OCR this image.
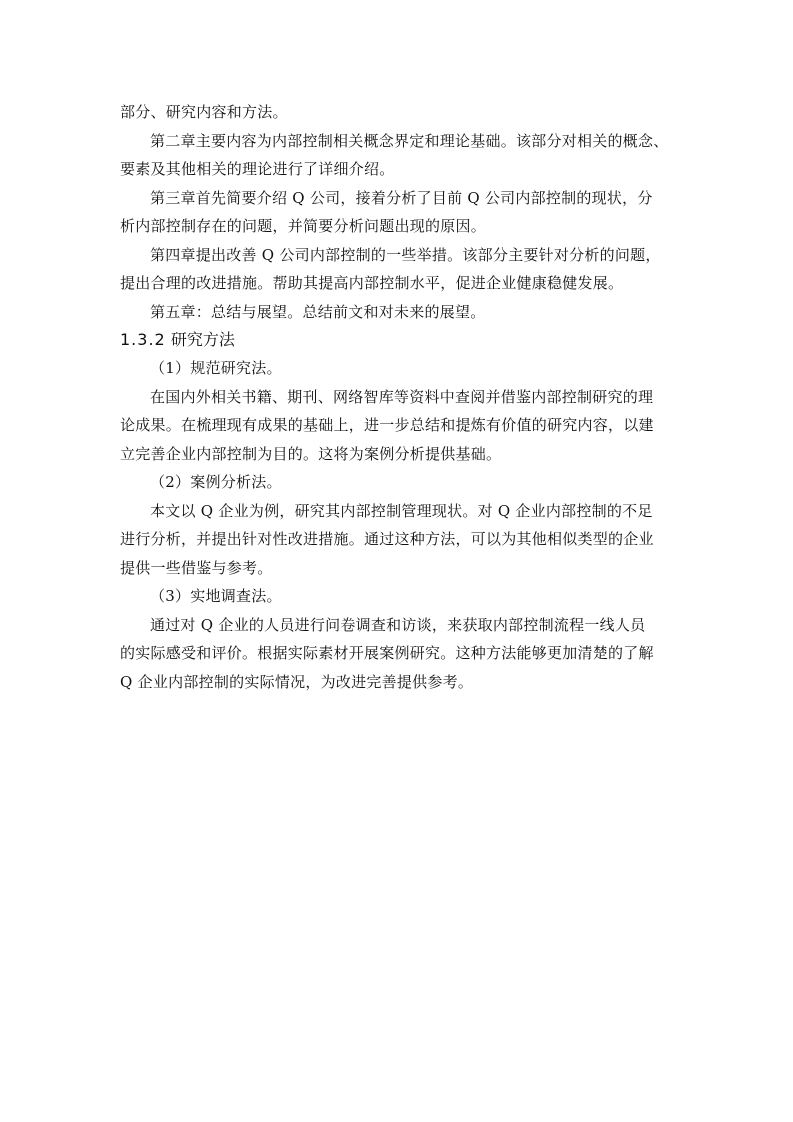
部分、研究内容和方法。

第二章主要内容为内部控制相关概念界定和理论基础。该部分对相关的概念、

要素及其他相关的理论进行了详细介绍。

第三章首先简要介绍 Q 公司，接着分析了目前 Q 公司内部控制的现状，分

析内部控制存在的问题，并简要分析问题出现的原因。

第四章提出改善 Q 公司内部控制的一些举措。该部分主要针对分析的问题，

提出合理的改进措施。帮助其提高内部控制水平，促进企业健康稳健发展。

第五章：总结与展望。总结前文和对未来的展望。

1.3.2 研究方法

（1）规范研究法。

在国内外相关书籍、期刊、网络智库等资料中查阅并借鉴内部控制研究的理

论成果。在梳理现有成果的基础上，进一步总结和提炼有价值的研究内容，以建

立完善企业内部控制为目的。这将为案例分析提供基础。

（2）案例分析法。

本文以 Q 企业为例，研究其内部控制管理现状。对 Q 企业内部控制的不足

进行分析，并提出针对性改进措施。通过这种方法，可以为其他相似类型的企业

提供一些借鉴与参考。

（3）实地调查法。

通过对 Q 企业的人员进行问卷调查和访谈，来获取内部控制流程一线人员

的实际感受和评价。根据实际素材开展案例研究。这种方法能够更加清楚的了解

Q 企业内部控制的实际情况，为改进完善提供参考。
